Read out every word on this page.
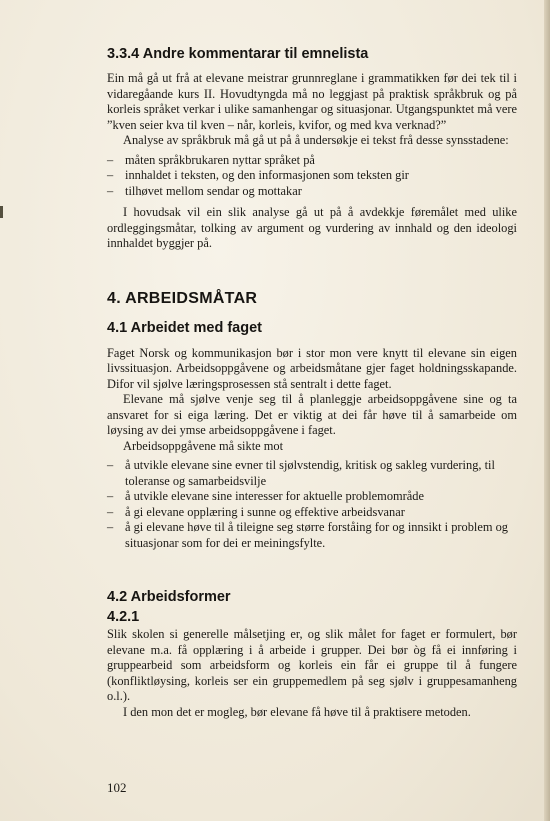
3.3.4 Andre kommentarar til emnelista

Ein må gå ut frå at elevane meistrar grunnreglane i grammatikken før dei tek til i vidaregåande kurs II. Hovudtyngda må no leggjast på praktisk språkbruk og på korleis språket verkar i ulike samanhengar og situasjonar. Utgangspunktet må vere ”kven seier kva til kven – når, korleis, kvifor, og med kva verknad?”

Analyse av språkbruk må gå ut på å undersøkje ei tekst frå desse synsstadene:

– måten språkbrukaren nyttar språket på
– innhaldet i teksten, og den informasjonen som teksten gir
– tilhøvet mellom sendar og mottakar

I hovudsak vil ein slik analyse gå ut på å avdekkje føremålet med ulike ordleggingsmåtar, tolking av argument og vurdering av innhald og den ideologi innhaldet byggjer på.

4. ARBEIDSMÅTAR
4.1 Arbeidet med faget

Faget Norsk og kommunikasjon bør i stor mon vere knytt til elevane sin eigen livssituasjon. Arbeidsoppgåvene og arbeidsmåtane gjer faget holdningsskapande. Difor vil sjølve læringsprosessen stå sentralt i dette faget.

Elevane må sjølve venje seg til å planleggje arbeidsoppgåvene sine og ta ansvaret for si eiga læring. Det er viktig at dei får høve til å samarbeide om løysing av dei ymse arbeidsoppgåvene i faget.

Arbeidsoppgåvene må sikte mot

– å utvikle elevane sine evner til sjølvstendig, kritisk og sakleg vurdering, til toleranse og samarbeidsvilje
– å utvikle elevane sine interesser for aktuelle problemområde
– å gi elevane opplæring i sunne og effektive arbeidsvanar
– å gi elevane høve til å tileigne seg større forståing for og innsikt i problem og situasjonar som for dei er meiningsfylte.
4.2 Arbeidsformer
4.2.1

Slik skolen si generelle målsetjing er, og slik målet for faget er formulert, bør elevane m.a. få opplæring i å arbeide i grupper. Dei bør òg få ei innføring i gruppearbeid som arbeidsform og korleis ein får ei gruppe til å fungere (konfliktløysing, korleis ser ein gruppemedlem på seg sjølv i gruppesamanheng o.l.).

I den mon det er mogleg, bør elevane få høve til å praktisere metoden.

102
